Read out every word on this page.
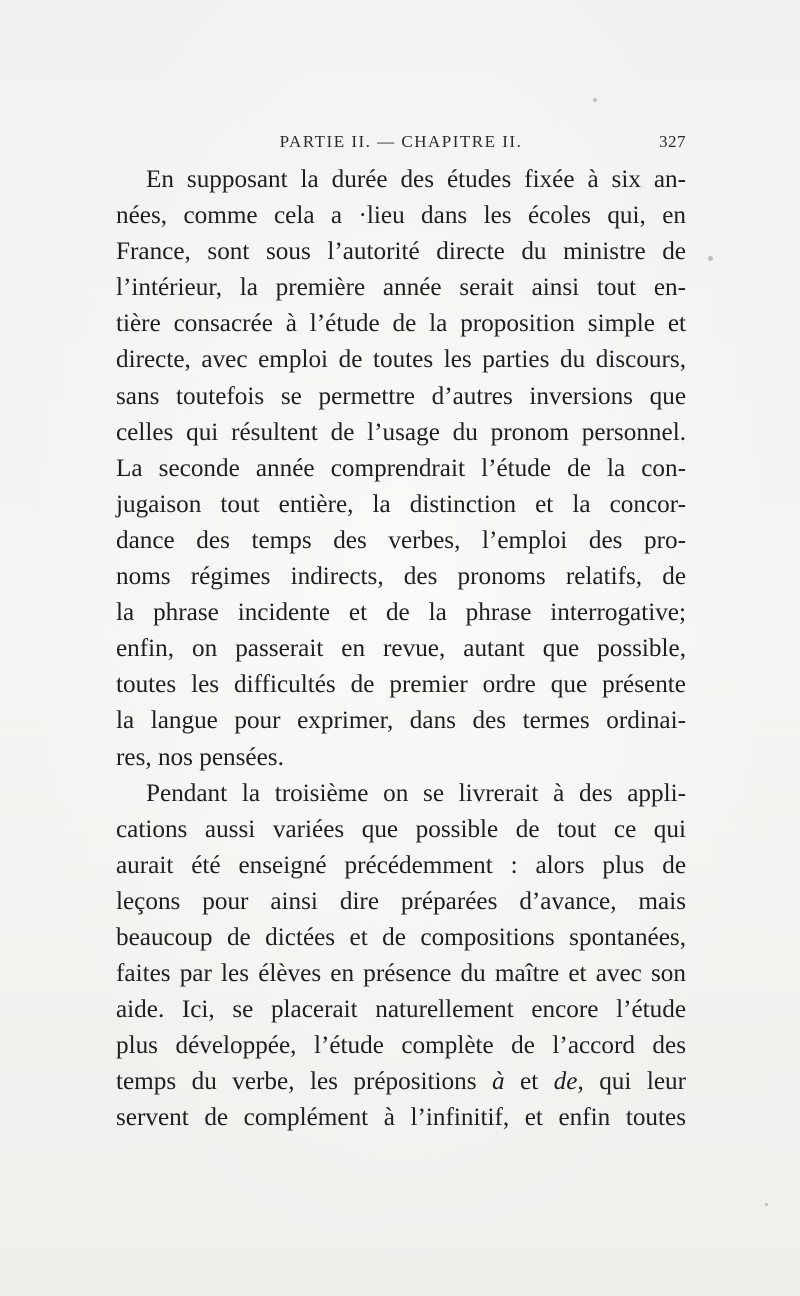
PARTIE II. — CHAPITRE II.	327
En supposant la durée des études fixée à six an-
nées, comme cela a ·lieu dans les écoles qui, en
France, sont sous l’autorité directe du ministre de
l’intérieur, la première année serait ainsi tout en-
tière consacrée à l’étude de la proposition simple et
directe, avec emploi de toutes les parties du discours,
sans toutefois se permettre d’autres inversions que
celles qui résultent de l’usage du pronom personnel.
La seconde année comprendrait l’étude de la con-
jugaison tout entière, la distinction et la concor-
dance des temps des verbes, l’emploi des pro-
noms régimes indirects, des pronoms relatifs, de
la phrase incidente et de la phrase interrogative;
enfin, on passerait en revue, autant que possible,
toutes les difficultés de premier ordre que présente
la langue pour exprimer, dans des termes ordinai-
res, nos pensées.
Pendant la troisième on se livrerait à des appli-
cations aussi variées que possible de tout ce qui
aurait été enseigné précédemment : alors plus de
leçons pour ainsi dire préparées d’avance, mais
beaucoup de dictées et de compositions spontanées,
faites par les élèves en présence du maître et avec son
aide. Ici, se placerait naturellement encore l’étude
plus développée, l’étude complète de l’accord des
temps du verbe, les prépositions à et de, qui leur
servent de complément à l’infinitif, et enfin toutes
